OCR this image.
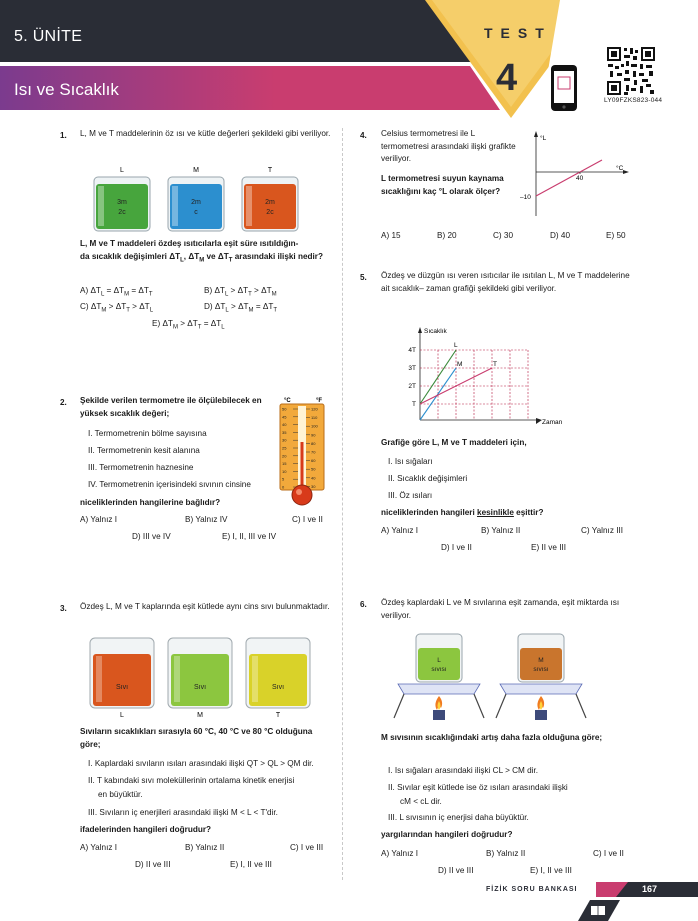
5. ÜNİTE
Isı ve Sıcaklık
TEST
4
LY09FZKS823-044
1. L, M ve T maddelerinin öz ısı ve kütle değerleri şekildeki gibi veriliyor.
L
3m
2c
M
2m
c
T
2m
2c
L, M ve T maddeleri özdeş ısıtıcılarla eşit süre ısıtıldığın-
da sıcaklık değişimleri $\Delta T_L$, $\Delta T_M$ ve $\Delta T_T$ arasındaki ilişki nedir?
A) $\Delta T_L = \Delta T_M = \Delta T_T$	B) $\Delta T_L > \Delta T_T > \Delta T_M$
C) $\Delta T_M > \Delta T_T > \Delta T_L$	D) $\Delta T_L > \Delta T_M = \Delta T_T$
E) $\Delta T_M > \Delta T_T = \Delta T_L$
2. Şekilde verilen termometre ile ölçülebilecek en yüksek sıcaklık değeri;
I. Termometrenin bölme sayısına
II. Termometrenin kesit alanına
III. Termometrenin haznesine
IV. Termometrenin içerisindeki sıvının cinsine
niceliklerinden hangilerine bağlıdır?
°C	°F
50
45
40
35
30
25
20
15
10
5
0
120
110
100
90
80
70
60
50
40
30
A) Yalnız I	B) Yalnız IV	C) I ve II
D) III ve IV	E) I, II, III ve IV
3. Özdeş L, M ve T kaplarında eşit kütlede aynı cins sıvı bulunmaktadır.
Sıvı
L
Sıvı
M
Sıvı
T
Sıvıların sıcaklıkları sırasıyla 60 °C, 40 °C ve 80 °C olduğuna göre;
I. Kaplardaki sıvıların ısıları arasındaki ilişki QT > QL > QM dir.
II. T kabındaki sıvı moleküllerinin ortalama kinetik enerjisi
en büyüktür.
III. Sıvıların iç enerjileri arasındaki ilişki M < L < T'dir.
ifadelerinden hangileri doğrudur?
A) Yalnız I	B) Yalnız II	C) I ve III
D) II ve III	E) I, II ve III
4. Celsius termometresi ile L termometresi arasındaki ilişki grafikte veriliyor.
L termometresi suyun kaynama sıcaklığını kaç °L olarak ölçer?
°L
°C
40
–10
A) 15	B) 20	C) 30	D) 40	E) 50
5. Özdeş ve düzgün ısı veren ısıtıcılar ile ısıtılan L, M ve T maddelerine ait sıcaklık– zaman grafiği şekildeki gibi veriliyor.
Sıcaklık
Zaman
4T
3T
2T
T
L
M	T
Grafiğe göre L, M ve T maddeleri için,
I. Isı sığaları
II. Sıcaklık değişimleri
III. Öz ısıları
niceliklerinden hangileri kesinlikle eşittir?
A) Yalnız I	B) Yalnız II	C) Yalnız III
D) I ve II	E) II ve III
6. Özdeş kaplardaki L ve M sıvılarına eşit zamanda, eşit miktarda ısı veriliyor.
L
sıvısı
M
sıvısı
M sıvısının sıcaklığındaki artış daha fazla olduğuna göre;
I. Isı sığaları arasındaki ilişki CL > CM dir.
II. Sıvılar eşit kütlede ise öz ısıları arasındaki ilişki
cM < cL dir.
III. L sıvısının iç enerjisi daha büyüktür.
yargılarından hangileri doğrudur?
A) Yalnız I	B) Yalnız II	C) I ve II
D) II ve III	E) I, II ve III
FİZİK SORU BANKASI	167
